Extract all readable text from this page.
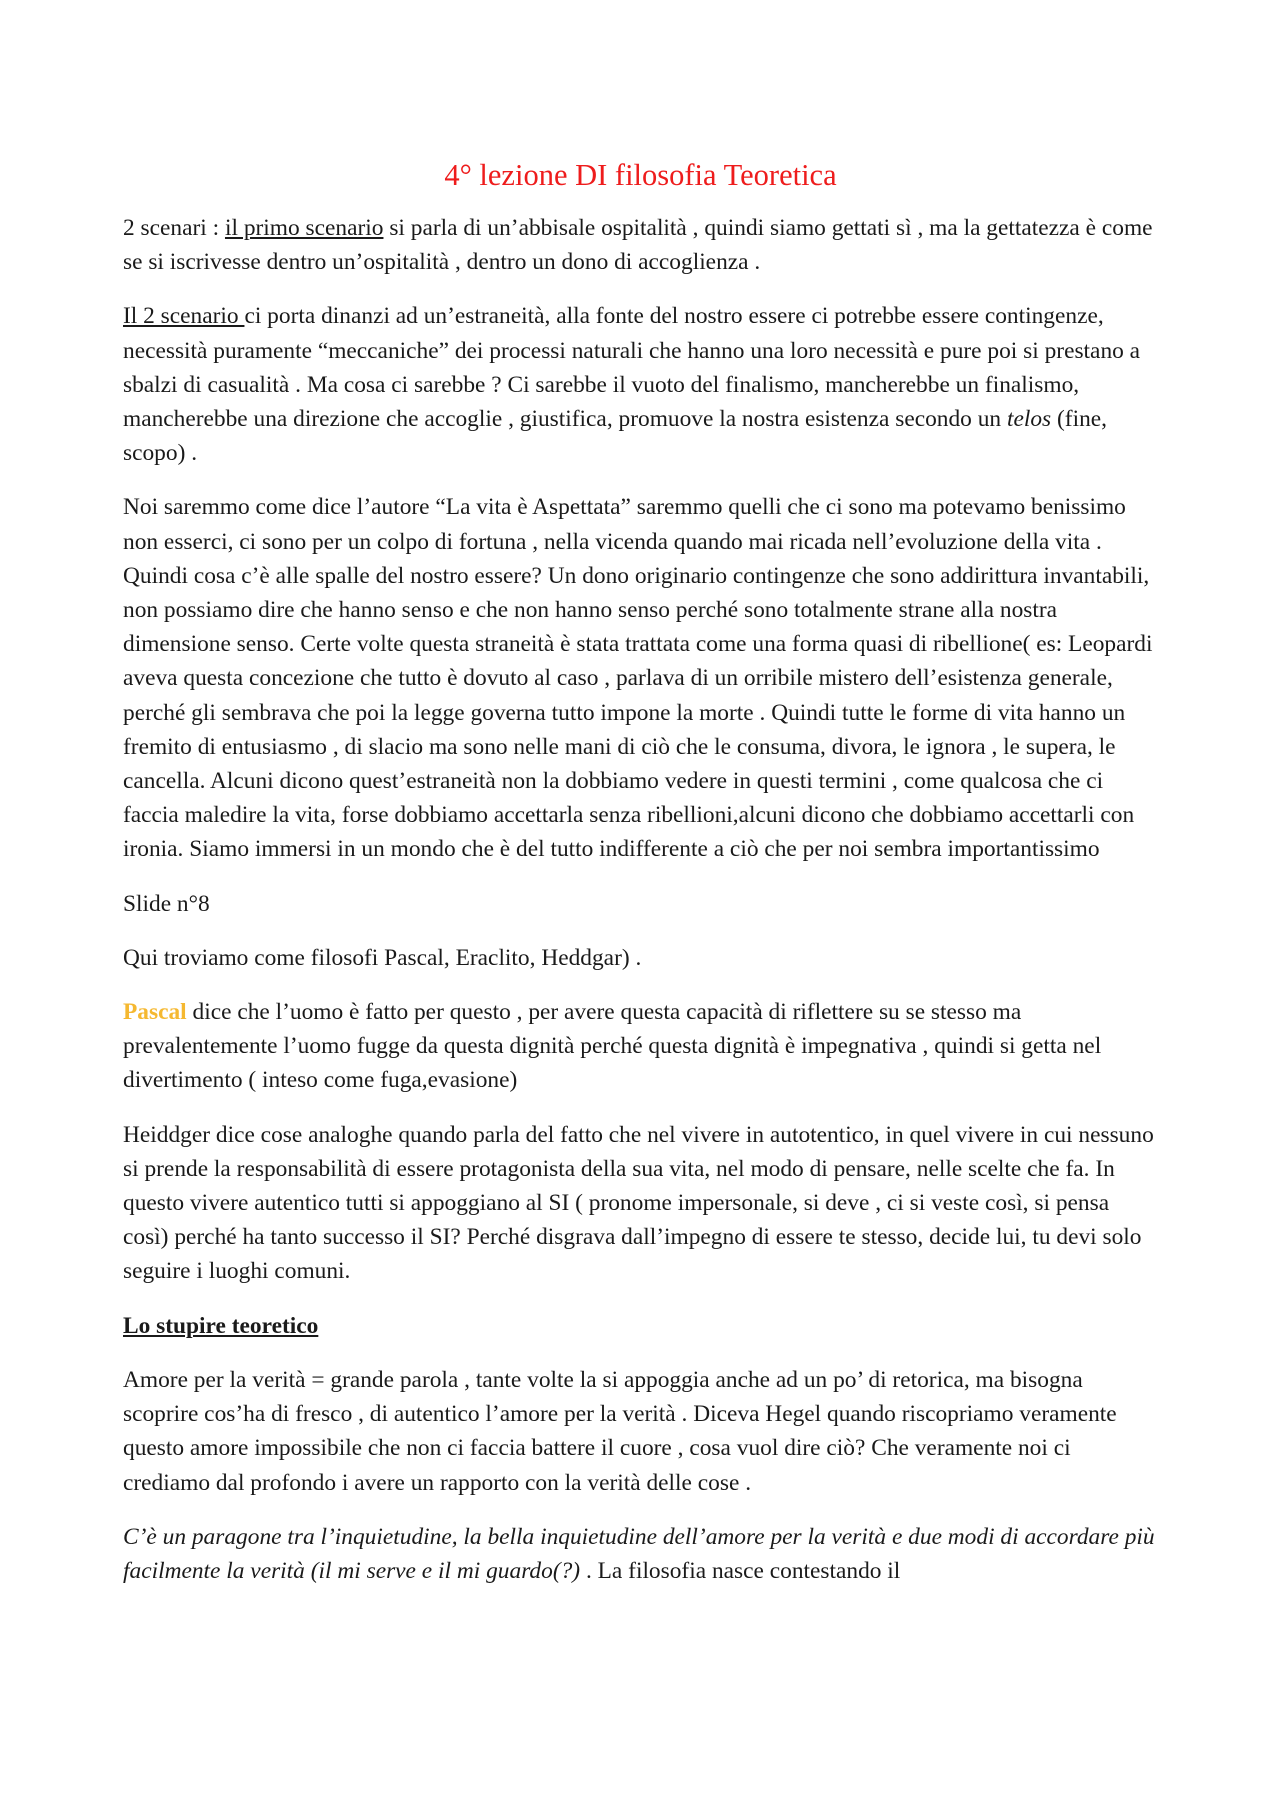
4° lezione DI filosofia Teoretica

2 scenari : il primo scenario si parla di un’abbisale ospitalità , quindi siamo gettati sì , ma la gettatezza è come se si iscrivesse dentro un’ospitalità , dentro un dono di accoglienza .

Il 2 scenario ci porta dinanzi ad un’estraneità, alla fonte del nostro essere ci potrebbe essere contingenze, necessità puramente “meccaniche” dei processi naturali che hanno una loro necessità e pure poi si prestano a sbalzi di casualità . Ma cosa ci sarebbe ? Ci sarebbe il vuoto del finalismo, mancherebbe un finalismo, mancherebbe una direzione che accoglie , giustifica, promuove la nostra esistenza secondo un telos (fine, scopo) .

Noi saremmo come dice l’autore “La vita è Aspettata” saremmo quelli che ci sono ma potevamo benissimo non esserci, ci sono per un colpo di fortuna , nella vicenda quando mai ricada nell’evoluzione della vita . Quindi cosa c’è alle spalle del nostro essere? Un dono originario contingenze che sono addirittura invantabili, non possiamo dire che hanno senso e che non hanno senso perché sono totalmente strane alla nostra dimensione senso. Certe volte questa straneità è stata trattata come una forma quasi di ribellione( es: Leopardi aveva questa concezione che tutto è dovuto al caso , parlava di un orribile mistero dell’esistenza generale, perché gli sembrava che poi la legge governa tutto impone la morte . Quindi tutte le forme di vita hanno un fremito di entusiasmo , di slacio ma sono nelle mani di ciò che le consuma, divora, le ignora , le supera, le cancella. Alcuni dicono quest’estraneità non la dobbiamo vedere in questi termini , come qualcosa che ci faccia maledire la vita, forse dobbiamo accettarla senza ribellioni,alcuni dicono che dobbiamo accettarli con ironia. Siamo immersi in un mondo che è del tutto indifferente a ciò che per noi sembra importantissimo

Slide n°8

Qui troviamo come filosofi Pascal, Eraclito, Heddgar) .

Pascal dice che l’uomo è fatto per questo , per avere questa capacità di riflettere su se stesso ma prevalentemente l’uomo fugge da questa dignità perché questa dignità è impegnativa , quindi si getta nel divertimento ( inteso come fuga,evasione)

Heiddger dice cose analoghe quando parla del fatto che nel vivere in autotentico, in quel vivere in cui nessuno si prende la responsabilità di essere protagonista della sua vita, nel modo di pensare, nelle scelte che fa. In questo vivere autentico tutti si appoggiano al SI ( pronome impersonale, si deve , ci si veste così, si pensa così) perché ha tanto successo il SI? Perché disgrava dall’impegno di essere te stesso, decide lui, tu devi solo seguire i luoghi comuni.

Lo stupire teoretico

Amore per la verità = grande parola , tante volte la si appoggia anche ad un po’ di retorica, ma bisogna scoprire cos’ha di fresco , di autentico l’amore per la verità . Diceva Hegel quando riscopriamo veramente questo amore impossibile che non ci faccia battere il cuore , cosa vuol dire ciò? Che veramente noi ci crediamo dal profondo i avere un rapporto con la verità delle cose .

C’è un paragone tra l’inquietudine, la bella inquietudine dell’amore per la verità e due modi di accordare più facilmente la verità (il mi serve e il mi guardo(?) . La filosofia nasce contestando il
